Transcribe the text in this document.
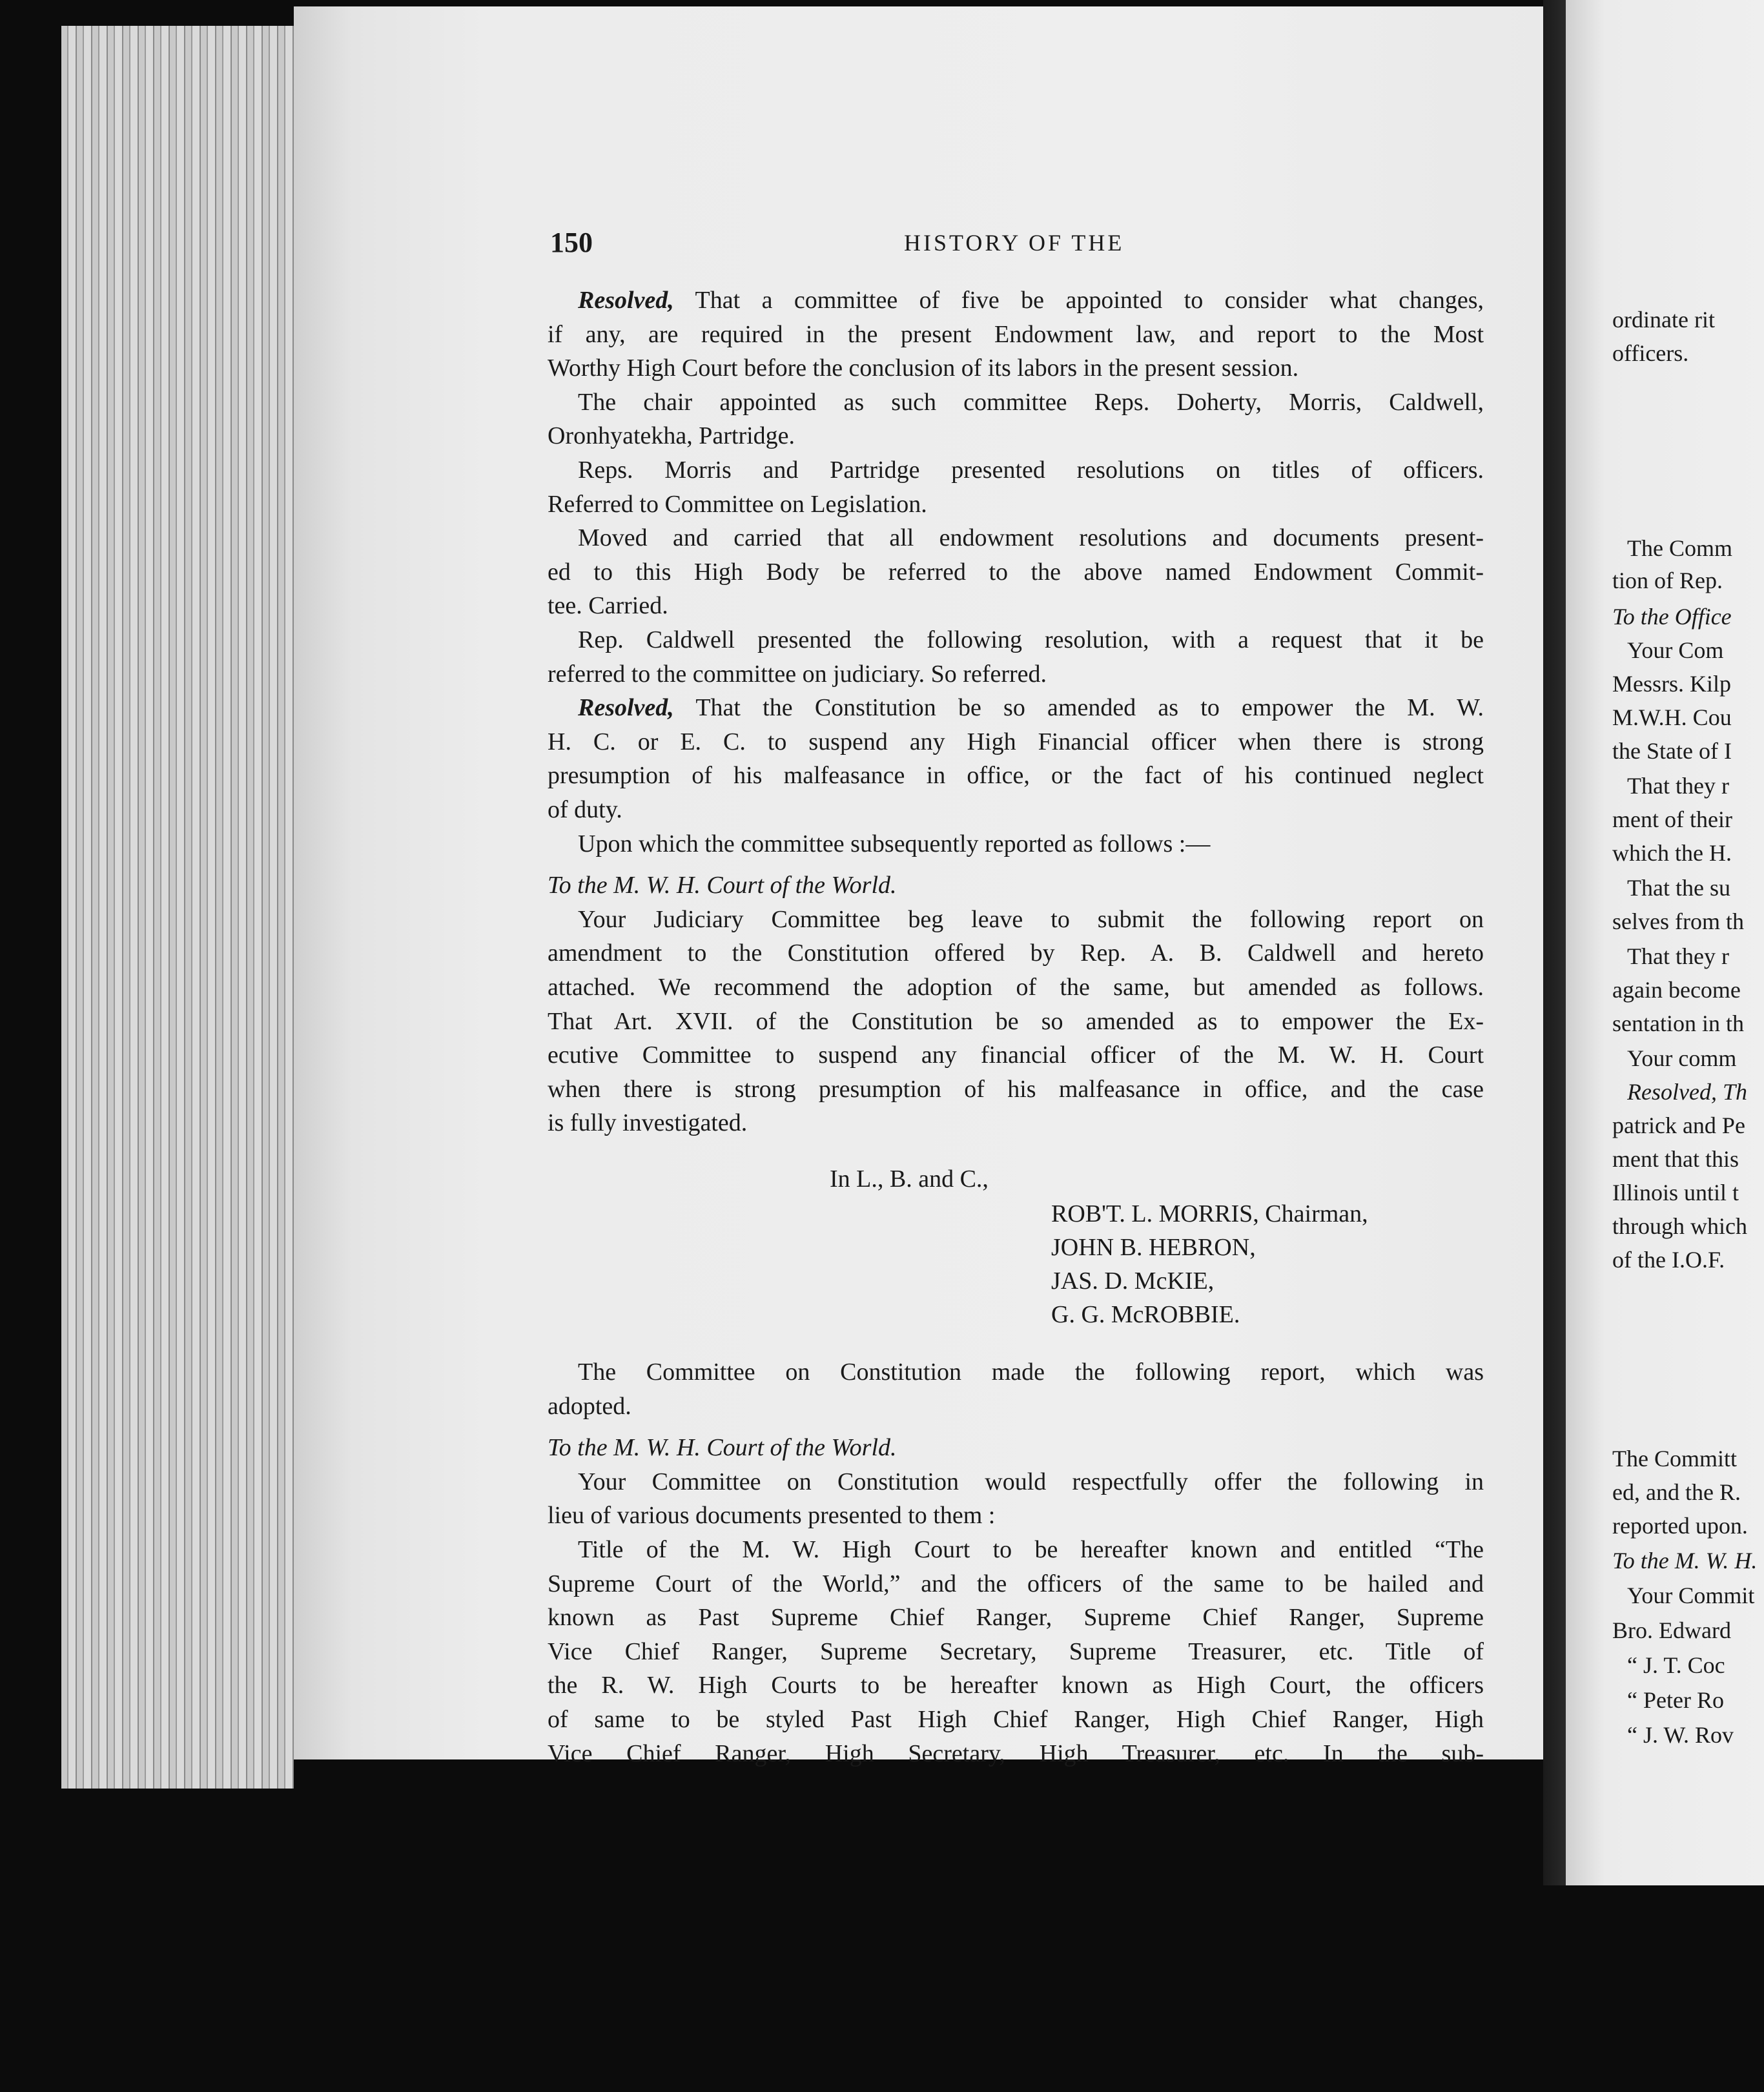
150	HISTORY OF THE
Resolved, That a committee of five be appointed to consider what changes,
if any, are required in the present Endowment law, and report to the Most
Worthy High Court before the conclusion of its labors in the present session.
The chair appointed as such committee Reps. Doherty, Morris, Caldwell,
Oronhyatekha, Partridge.
Reps. Morris and Partridge presented resolutions on titles of officers.
Referred to Committee on Legislation.
Moved and carried that all endowment resolutions and documents present-
ed to this High Body be referred to the above named Endowment Commit-
tee. Carried.
Rep. Caldwell presented the following resolution, with a request that it be
referred to the committee on judiciary. So referred.
Resolved, That the Constitution be so amended as to empower the M. W.
H. C. or E. C. to suspend any High Financial officer when there is strong
presumption of his malfeasance in office, or the fact of his continued neglect
of duty.
Upon which the committee subsequently reported as follows :—
To the M. W. H. Court of the World.
Your Judiciary Committee beg leave to submit the following report on
amendment to the Constitution offered by Rep. A. B. Caldwell and hereto
attached. We recommend the adoption of the same, but amended as follows.
That Art. XVII. of the Constitution be so amended as to empower the Ex-
ecutive Committee to suspend any financial officer of the M. W. H. Court
when there is strong presumption of his malfeasance in office, and the case
is fully investigated.
In L., B. and C.,
ROB'T. L. MORRIS, Chairman,
JOHN B. HEBRON,
JAS. D. McKIE,
G. G. McROBBIE.
The Committee on Constitution made the following report, which was
adopted.
To the M. W. H. Court of the World.
Your Committee on Constitution would respectfully offer the following in
lieu of various documents presented to them :
Title of the M. W. High Court to be hereafter known and entitled “The
Supreme Court of the World,” and the officers of the same to be hailed and
known as Past Supreme Chief Ranger, Supreme Chief Ranger, Supreme
Vice Chief Ranger, Supreme Secretary, Supreme Treasurer, etc. Title of
the R. W. High Courts to be hereafter known as High Court, the officers
of same to be styled Past High Chief Ranger, High Chief Ranger, High
Vice Chief Ranger, High Secretary, High Treasurer, etc. In the sub-
ordinate rit
officers.
The Comm
tion of Rep.
To the Office
Your Com
Messrs. Kilp
M.W.H. Cou
the State of I
That they r
ment of their
which the H.
That the su
selves from th
That they r
again become
sentation in th
Your comm
Resolved, Th
patrick and Pe
ment that this
Illinois until t
through which
of the I.O.F.
The Committ
ed, and the R.
reported upon.
To the M. W. H.
Your Commit
Bro. Edward
“ J. T. Coc
“ Peter Ro
“ J. W. Rov
